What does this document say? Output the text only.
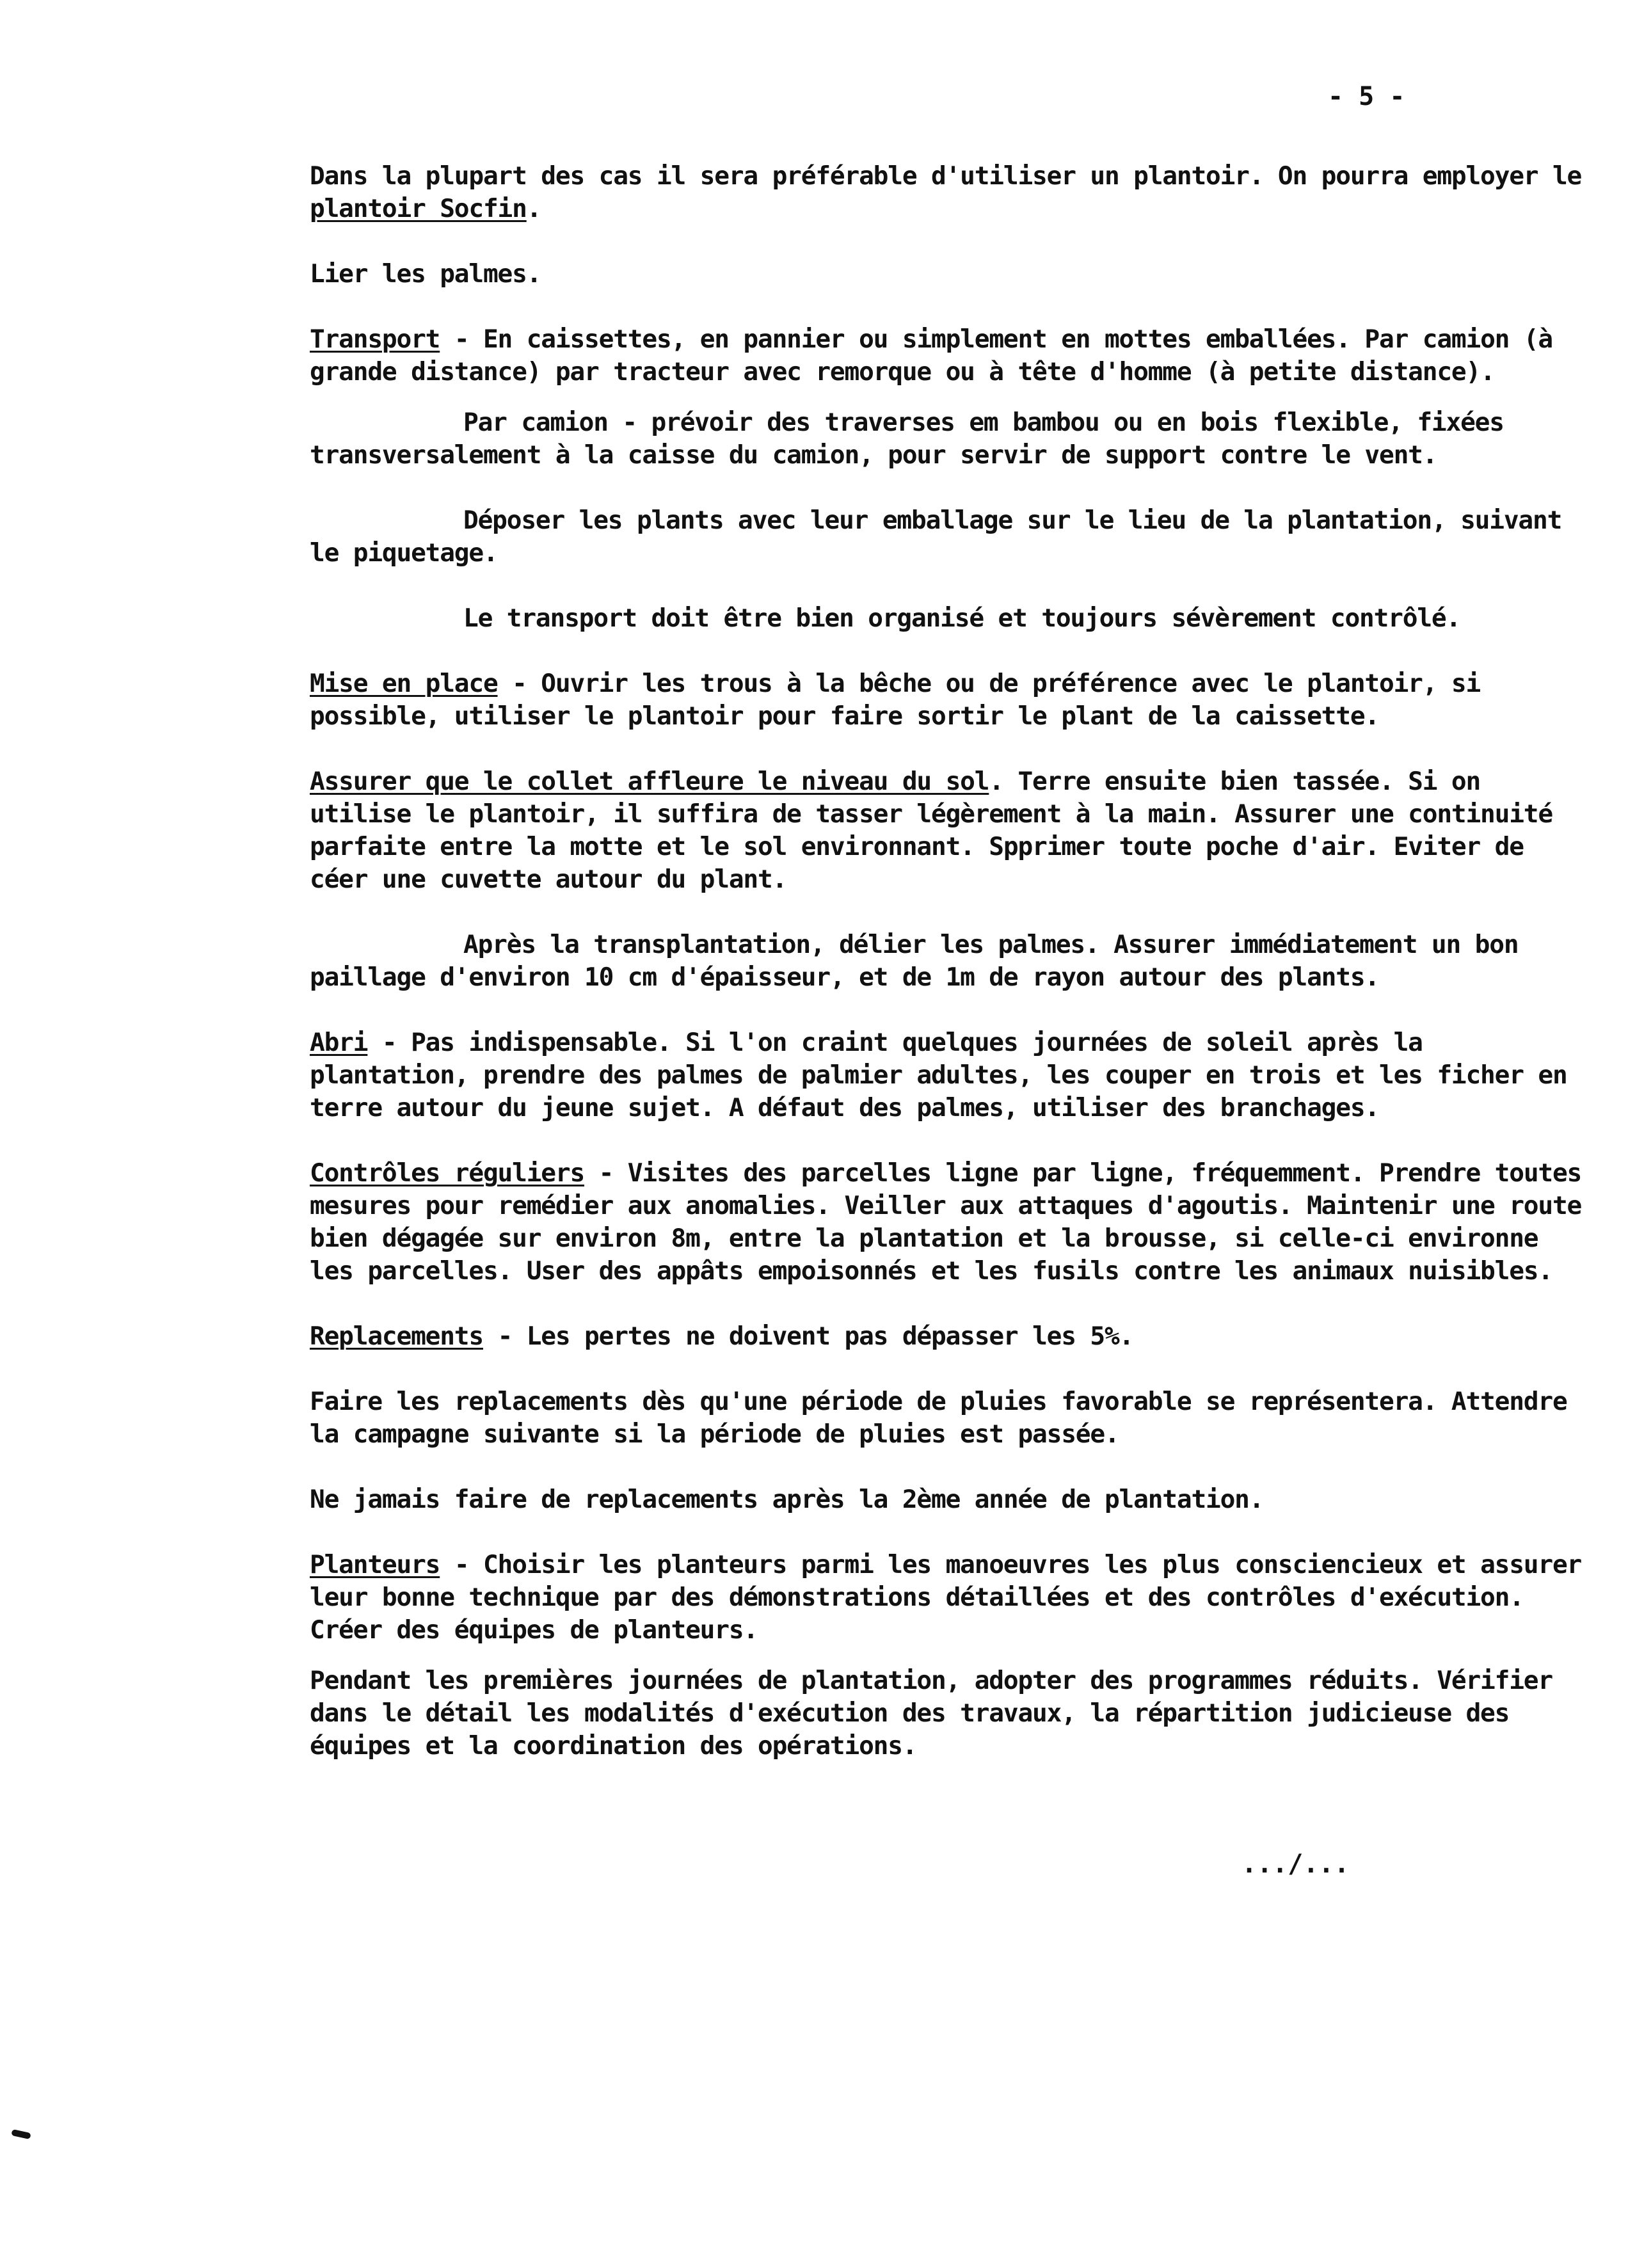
- 5 -

Dans la plupart des cas il sera préférable d'utiliser un plantoir. On pourra employer le plantoir Socfin.

Lier les palmes.

Transport - En caissettes, en pannier ou simplement en mottes emballées. Par camion (à grande distance) par tracteur avec remorque ou à tête d'homme (à petite distance).

Par camion - prévoir des traverses em bambou ou en bois flexible, fixées transversalement à la caisse du camion, pour servir de support contre le vent.

Déposer les plants avec leur emballage sur le lieu de la plantation, suivant le piquetage.

Le transport doit être bien organisé et toujours sévèrement contrôlé.

Mise en place - Ouvrir les trous à la bêche ou de préférence avec le plantoir, si possible, utiliser le plantoir pour faire sortir le plant de la caissette.

Assurer que le collet affleure le niveau du sol. Terre ensuite bien tassée. Si on utilise le plantoir, il suffira de tasser légèrement à la main. Assurer une continuité parfaite entre la motte et le sol environnant. Spprimer toute poche d'air. Eviter de céer une cuvette autour du plant.

Après la transplantation, délier les palmes. Assurer immédiatement un bon paillage d'environ 10 cm d'épaisseur, et de 1m de rayon autour des plants.

Abri - Pas indispensable. Si l'on craint quelques journées de soleil après la plantation, prendre des palmes de palmier adultes, les couper en trois et les ficher en terre autour du jeune sujet. A défaut des palmes, utiliser des branchages.

Contrôles réguliers - Visites des parcelles ligne par ligne, fréquemment. Prendre toutes mesures pour remédier aux anomalies. Veiller aux attaques d'agoutis. Maintenir une route bien dégagée sur environ 8m, entre la plantation et la brousse, si celle-ci environne les parcelles. User des appâts empoisonnés et les fusils contre les animaux nuisibles.

Replacements - Les pertes ne doivent pas dépasser les 5%.

Faire les replacements dès qu'une période de pluies favorable se représentera. Attendre la campagne suivante si la période de pluies est passée.

Ne jamais faire de replacements après la 2ème année de plantation.

Planteurs - Choisir les planteurs parmi les manoeuvres les plus consciencieux et assurer leur bonne technique par des démonstrations détaillées et des contrôles d'exécution. Créer des équipes de planteurs.

Pendant les premières journées de plantation, adopter des programmes réduits. Vérifier dans le détail les modalités d'exécution des travaux, la répartition judicieuse des équipes et la coordination des opérations.

.../...
